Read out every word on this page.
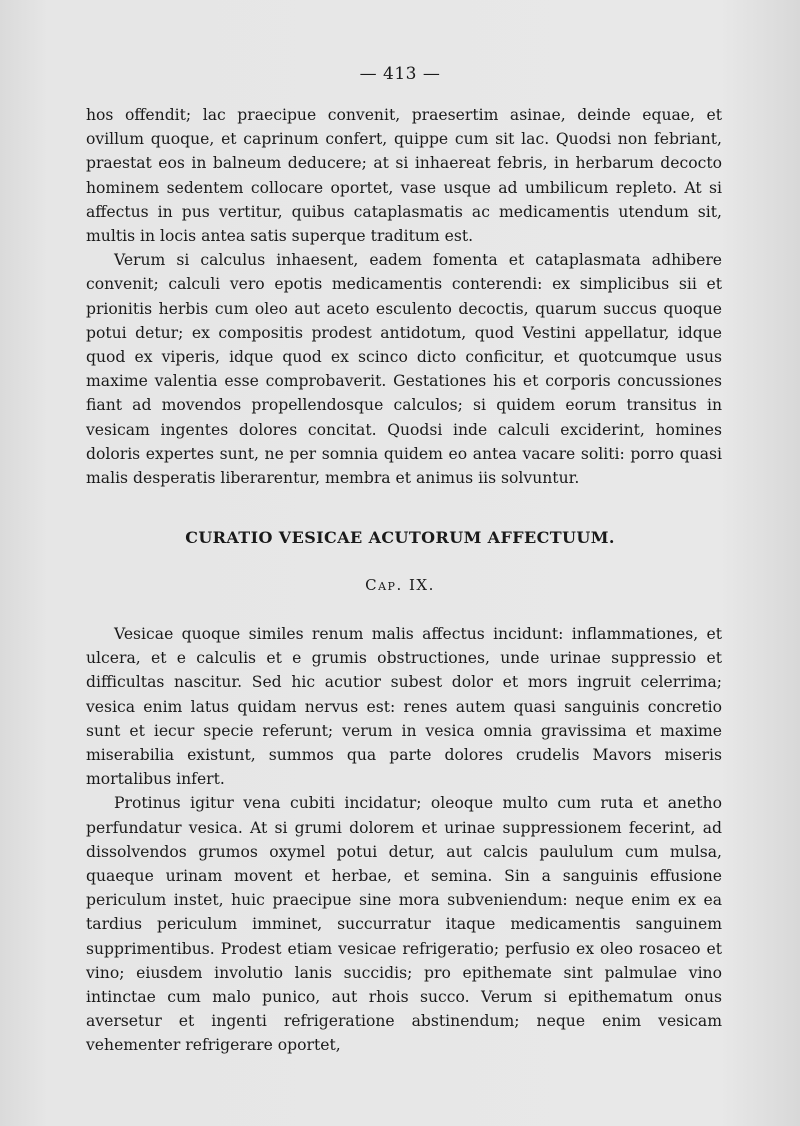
— 413 —

hos offendit; lac praecipue convenit, praesertim asinae, deinde equae, et ovillum quoque, et caprinum confert, quippe cum sit lac. Quodsi non febriant, praestat eos in balneum deducere; at si inhaereat febris, in herbarum decocto hominem sedentem collocare oportet, vase usque ad umbilicum repleto. At si affectus in pus vertitur, quibus cataplasmatis ac medicamentis utendum sit, multis in locis antea satis superque traditum est.

Verum si calculus inhaesent, eadem fomenta et cataplasmata adhibere convenit; calculi vero epotis medicamentis conterendi: ex simplicibus sii et prionitis herbis cum oleo aut aceto esculento decoctis, quarum succus quoque potui detur; ex compositis prodest antidotum, quod Vestini appellatur, idque quod ex viperis, idque quod ex scinco dicto conficitur, et quotcumque usus maxime valentia esse comprobaverit. Gestationes his et corporis concussiones fiant ad movendos propellendosque calculos; si quidem eorum transitus in vesicam ingentes dolores concitat. Quodsi inde calculi exciderint, homines doloris expertes sunt, ne per somnia quidem eo antea vacare soliti: porro quasi malis desperatis liberarentur, membra et animus iis solvuntur.

CURATIO VESICAE ACUTORUM AFFECTUUM.
Cap. IX.

Vesicae quoque similes renum malis affectus incidunt: inflammationes, et ulcera, et e calculis et e grumis obstructiones, unde urinae suppressio et difficultas nascitur. Sed hic acutior subest dolor et mors ingruit celerrima; vesica enim latus quidam nervus est: renes autem quasi sanguinis concretio sunt et iecur specie referunt; verum in vesica omnia gravissima et maxime miserabilia existunt, summos qua parte dolores crudelis Mavors miseris mortalibus infert.

Protinus igitur vena cubiti incidatur; oleoque multo cum ruta et anetho perfundatur vesica. At si grumi dolorem et urinae suppressionem fecerint, ad dissolvendos grumos oxymel potui detur, aut calcis paululum cum mulsa, quaeque urinam movent et herbae, et semina. Sin a sanguinis effusione periculum instet, huic praecipue sine mora subveniendum: neque enim ex ea tardius periculum imminet, succurratur itaque medicamentis sanguinem supprimentibus. Prodest etiam vesicae refrigeratio; perfusio ex oleo rosaceo et vino; eiusdem involutio lanis succidis; pro epithemate sint palmulae vino intinctae cum malo punico, aut rhois succo. Verum si epithematum onus aversetur et ingenti refrigeratione abstinendum; neque enim vesicam vehementer refrigerare oportet,
